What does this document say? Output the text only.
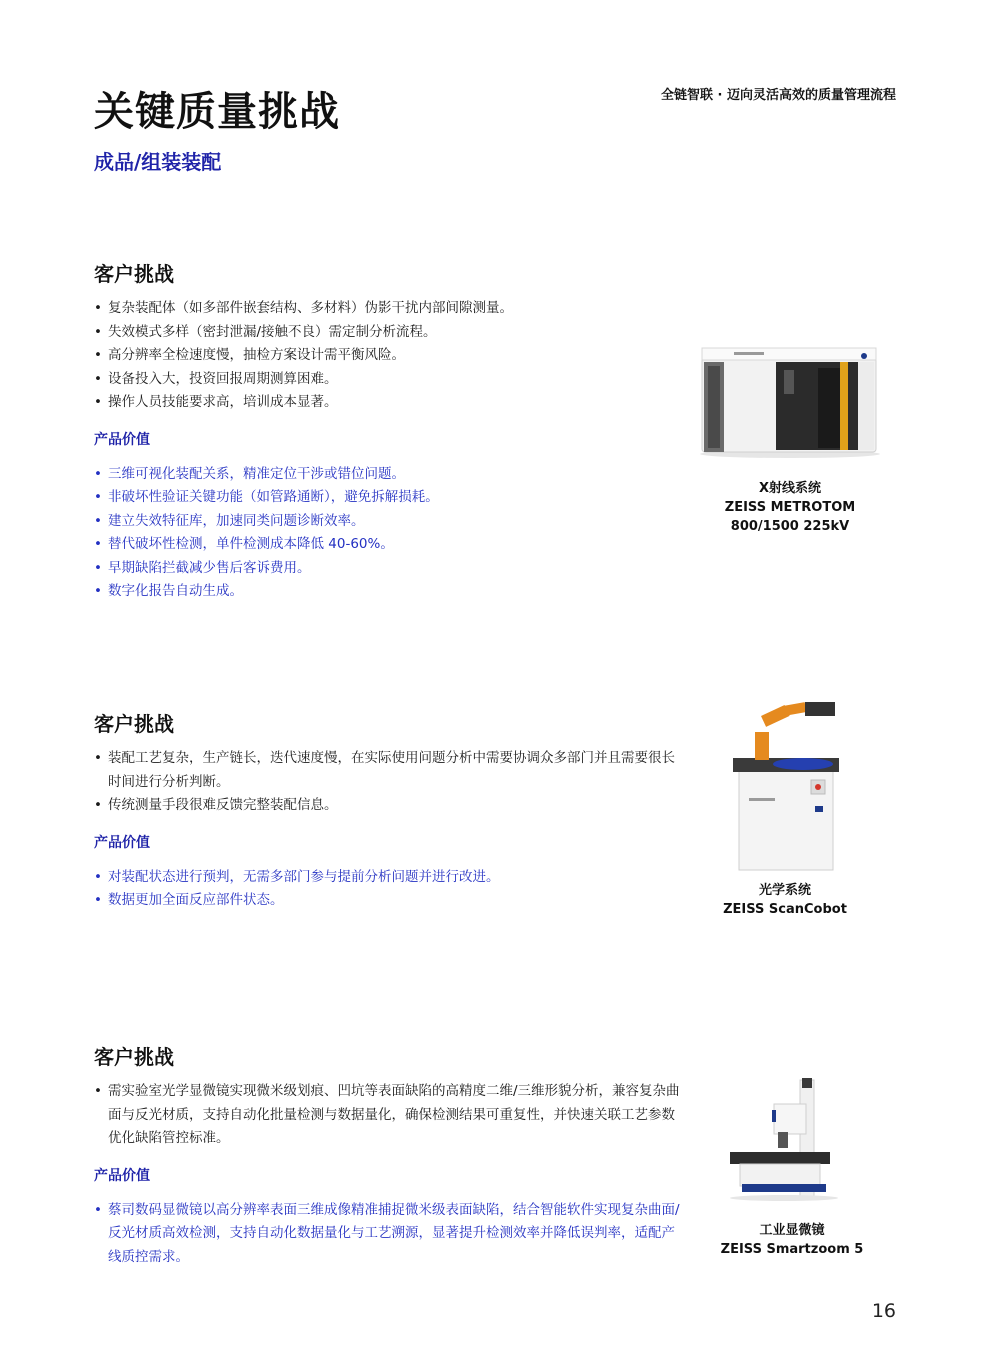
关键质量挑战
成品/组装装配
全链智联 · 迈向灵活高效的质量管理流程
客户挑战
• 复杂装配体（如多部件嵌套结构、多材料）伪影干扰内部间隙测量。
• 失效模式多样（密封泄漏/接触不良）需定制分析流程。
• 高分辨率全检速度慢，抽检方案设计需平衡风险。
• 设备投入大，投资回报周期测算困难。
• 操作人员技能要求高，培训成本显著。
产品价值
• 三维可视化装配关系，精准定位干涉或错位问题。
• 非破坏性验证关键功能（如管路通断），避免拆解损耗。
• 建立失效特征库，加速同类问题诊断效率。
• 替代破坏性检测，单件检测成本降低 40-60%。
• 早期缺陷拦截减少售后客诉费用。
• 数字化报告自动生成。
X射线系统
ZEISS METROTOM
800/1500 225kV
客户挑战
• 装配工艺复杂，生产链长，迭代速度慢，在实际使用问题分析中需要协调众多部门并且需要很长时间进行分析判断。
• 传统测量手段很难反馈完整装配信息。
产品价值
• 对装配状态进行预判，无需多部门参与提前分析问题并进行改进。
• 数据更加全面反应部件状态。
光学系统
ZEISS ScanCobot
客户挑战
• 需实验室光学显微镜实现微米级划痕、凹坑等表面缺陷的高精度二维/三维形貌分析，兼容复杂曲面与反光材质，支持自动化批量检测与数据量化，确保检测结果可重复性，并快速关联工艺参数优化缺陷管控标准。
产品价值
• 蔡司数码显微镜以高分辨率表面三维成像精准捕捉微米级表面缺陷，结合智能软件实现复杂曲面/反光材质高效检测，支持自动化数据量化与工艺溯源，显著提升检测效率并降低误判率，适配产线质控需求。
工业显微镜
ZEISS Smartzoom 5
16
